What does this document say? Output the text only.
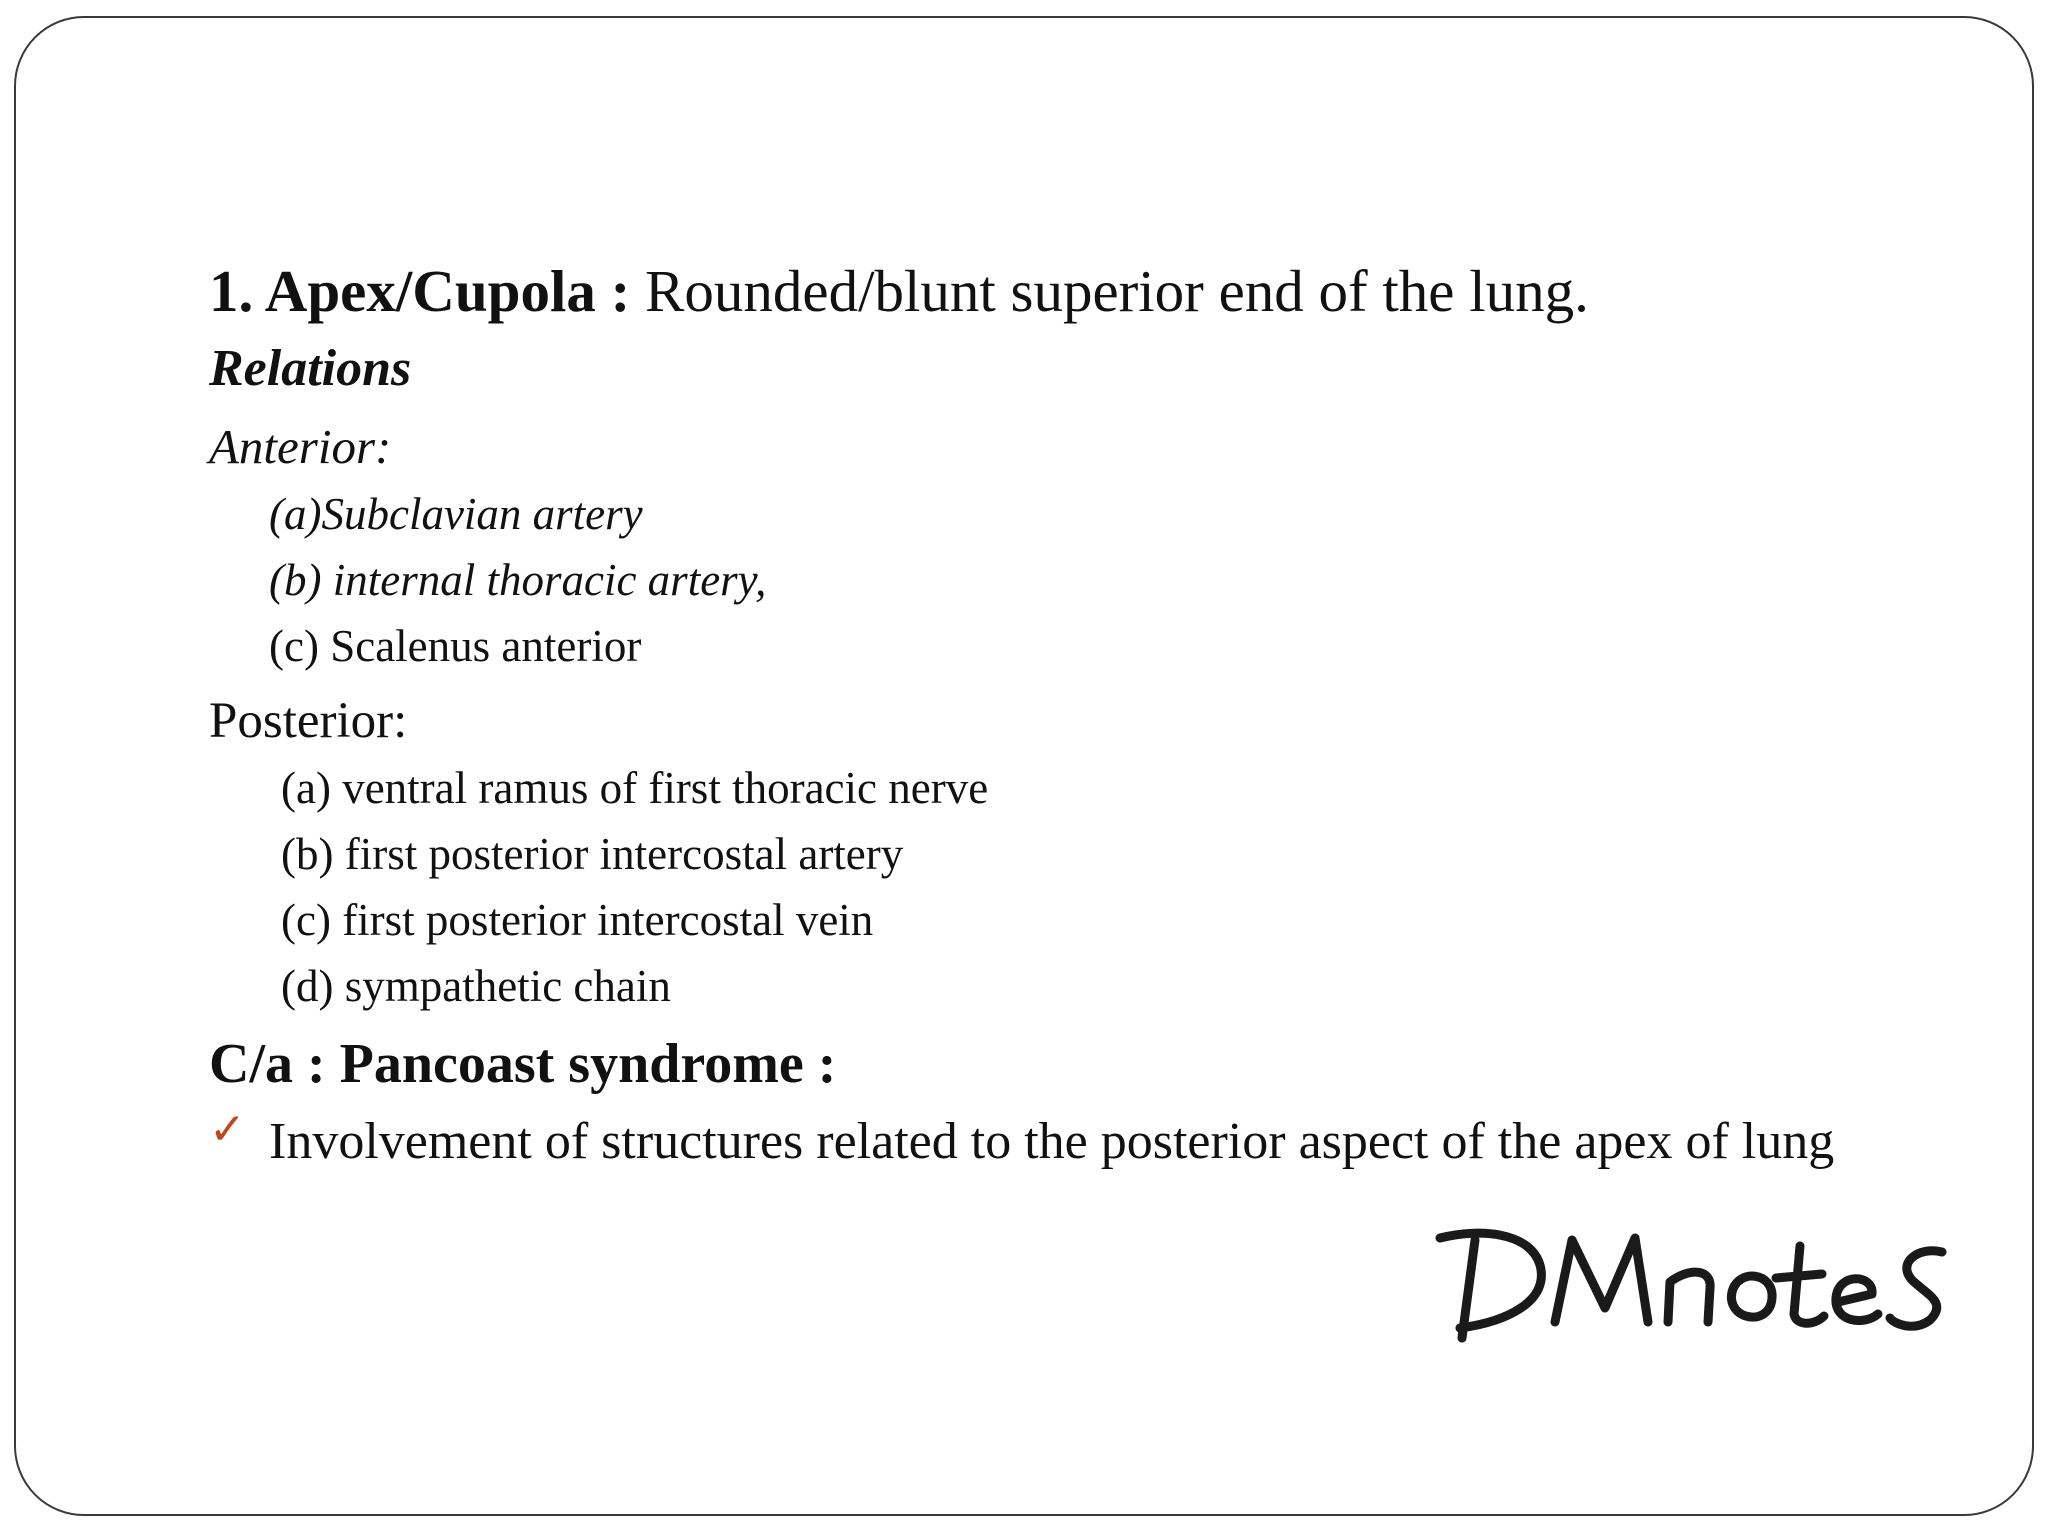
1. Apex/Cupola : Rounded/blunt superior end of the lung.
Relations
Anterior:
(a)Subclavian artery
(b) internal thoracic artery,
(c) Scalenus anterior
Posterior:
(a) ventral ramus of first thoracic nerve
(b) first posterior intercostal artery
(c) first posterior intercostal vein
(d) sympathetic chain
C/a : Pancoast syndrome :
✓ Involvement of structures related to the posterior aspect of the apex of lung
